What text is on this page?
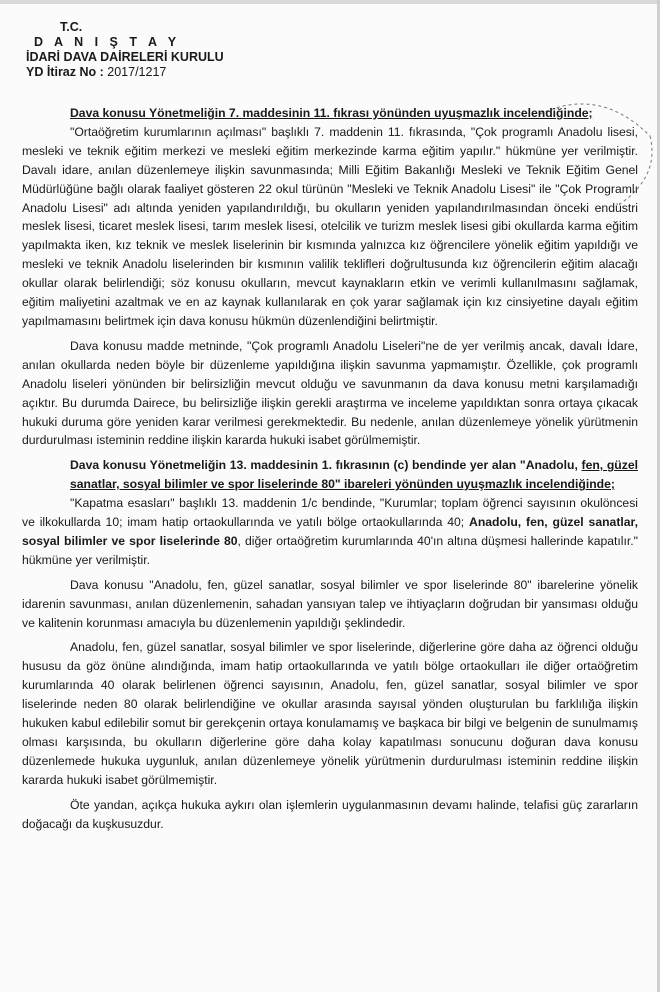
T.C.
D A N I Ş T A Y
İDARİ DAVA DAİRELERİ KURULU
YD İtiraz No : 2017/1217
Dava konusu Yönetmeliğin 7. maddesinin 11. fıkrası yönünden uyuşmazlık incelendiğinde;

"Ortaöğretim kurumlarının açılması" başlıklı 7. maddenin 11. fıkrasında, "Çok programlı Anadolu lisesi, mesleki ve teknik eğitim merkezi ve mesleki eğitim merkezinde karma eğitim yapılır." hükmüne yer verilmiştir. Davalı idare, anılan düzenlemeye ilişkin savunmasında; Milli Eğitim Bakanlığı Mesleki ve Teknik Eğitim Genel Müdürlüğüne bağlı olarak faaliyet gösteren 22 okul türünün "Mesleki ve Teknik Anadolu Lisesi" ile "Çok Programlı Anadolu Lisesi" adı altında yeniden yapılandırıldığı, bu okulların yeniden yapılandırılmasından önceki endüstri meslek lisesi, ticaret meslek lisesi, tarım meslek lisesi, otelcilik ve turizm meslek lisesi gibi okullarda karma eğitim yapılmakta iken, kız teknik ve meslek liselerinin bir kısmında yalnızca kız öğrencilere yönelik eğitim yapıldığı ve mesleki ve teknik Anadolu liselerinden bir kısmının valilik teklifleri doğrultusunda kız öğrencilerin eğitim alacağı okullar olarak belirlendiği; söz konusu okulların, mevcut kaynakların etkin ve verimli kullanılmasını sağlamak, eğitim maliyetini azaltmak ve en az kaynak kullanılarak en çok yarar sağlamak için kız cinsiyetine dayalı eğitim yapılmamasını belirtmek için dava konusu hükmün düzenlendiğini belirtmiştir.

Dava konusu madde metninde, "Çok programlı Anadolu Liseleri"ne de yer verilmiş ancak, davalı İdare, anılan okullarda neden böyle bir düzenleme yapıldığına ilişkin savunma yapmamıştır. Özellikle, çok programlı Anadolu liseleri yönünden bir belirsizliğin mevcut olduğu ve savunmanın da dava konusu metni karşılamadığı açıktır. Bu durumda Dairece, bu belirsizliğe ilişkin gerekli araştırma ve inceleme yapıldıktan sonra ortaya çıkacak hukuki duruma göre yeniden karar verilmesi gerekmektedir. Bu nedenle, anılan düzenlemeye yönelik yürütmenin durdurulması isteminin reddine ilişkin kararda hukuki isabet görülmemiştir.

Dava konusu Yönetmeliğin 13. maddesinin 1. fıkrasının (c) bendinde yer alan "Anadolu, fen, güzel sanatlar, sosyal bilimler ve spor liselerinde 80" ibareleri yönünden uyuşmazlık incelendiğinde;

"Kapatma esasları" başlıklı 13. maddenin 1/c bendinde, "Kurumlar; toplam öğrenci sayısının okulöncesi ve ilkokullarda 10; imam hatip ortaokullarında ve yatılı bölge ortaokullarında 40; Anadolu, fen, güzel sanatlar, sosyal bilimler ve spor liselerinde 80, diğer ortaöğretim kurumlarında 40'ın altına düşmesi hallerinde kapatılır." hükmüne yer verilmiştir.

Dava konusu "Anadolu, fen, güzel sanatlar, sosyal bilimler ve spor liselerinde 80" ibarelerine yönelik idarenin savunması, anılan düzenlemenin, sahadan yansıyan talep ve ihtiyaçların doğrudan bir yansıması olduğu ve kalitenin korunması amacıyla bu düzenlemenin yapıldığı şeklindedir.

Anadolu, fen, güzel sanatlar, sosyal bilimler ve spor liselerinde, diğerlerine göre daha az öğrenci olduğu hususu da göz önüne alındığında, imam hatip ortaokullarında ve yatılı bölge ortaokulları ile diğer ortaöğretim kurumlarında 40 olarak belirlenen öğrenci sayısının, Anadolu, fen, güzel sanatlar, sosyal bilimler ve spor liselerinde neden 80 olarak belirlendiğine ve okullar arasında sayısal yönden oluşturulan bu farklılığa ilişkin hukuken kabul edilebilir somut bir gerekçenin ortaya konulamamış ve başkaca bir bilgi ve belgenin de sunulmamış olması karşısında, bu okulların diğerlerine göre daha kolay kapatılması sonucunu doğuran dava konusu düzenlemede hukuka uygunluk, anılan düzenlemeye yönelik yürütmenin durdurulması isteminin reddine ilişkin kararda hukuki isabet görülmemiştir.

Öte yandan, açıkça hukuka aykırı olan işlemlerin uygulanmasının devamı halinde, telafisi güç zararların doğacağı da kuşkusuzdur.
